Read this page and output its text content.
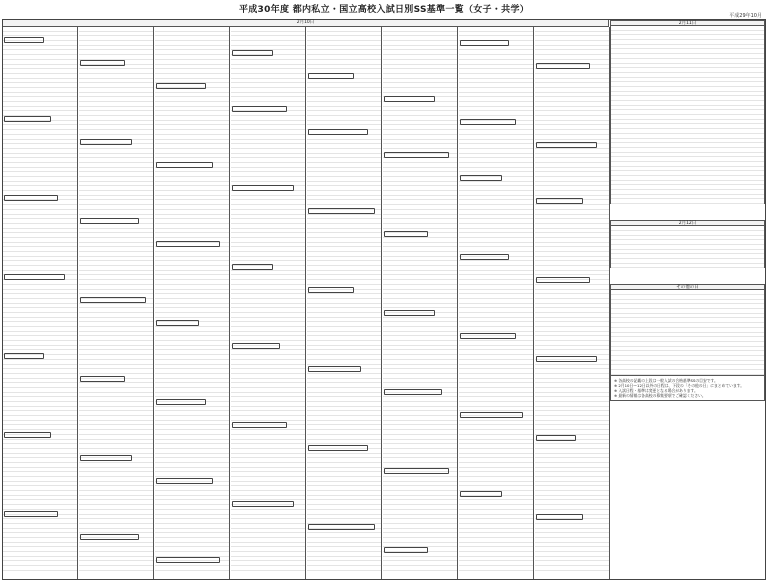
平成30年度 都内私立・国立高校入試日別SS基準一覧（女子・共学）
平成29年10月
2月10日	2月11日
2月12日
その他の日

※ 各高校の記載の上段は一般入試の合格基準SSの目安です。

※ 2月10日〜12日以外の日程は、下段の「その他の日」にまとめています。

※ 入試日程・基準は変更となる場合があります。

※ 最新の情報は各高校の募集要項でご確認ください。
